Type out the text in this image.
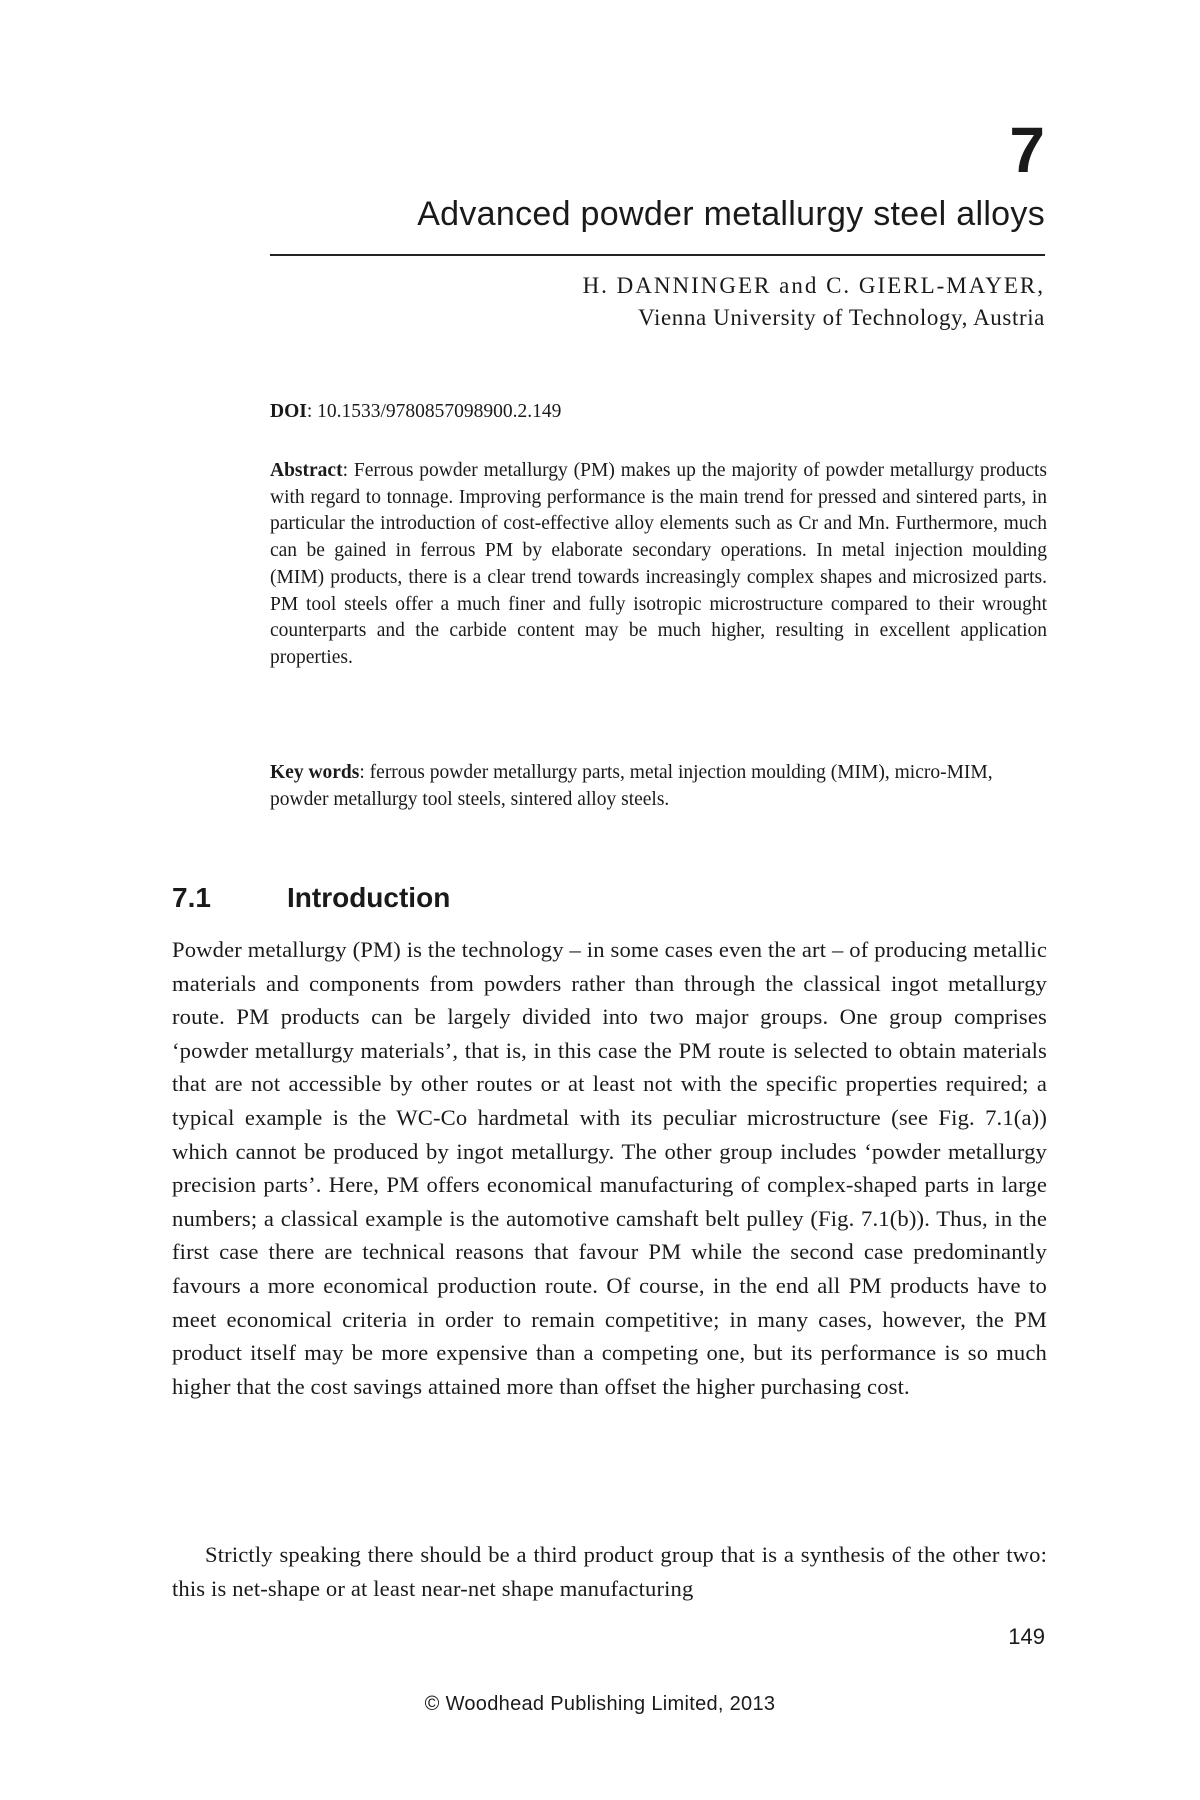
7
Advanced powder metallurgy steel alloys
H. DANNINGER and C. GIERL-MAYER,
Vienna University of Technology, Austria
DOI: 10.1533/9780857098900.2.149

Abstract: Ferrous powder metallurgy (PM) makes up the majority of powder metallurgy products with regard to tonnage. Improving performance is the main trend for pressed and sintered parts, in particular the introduction of cost-effective alloy elements such as Cr and Mn. Furthermore, much can be gained in ferrous PM by elaborate secondary operations. In metal injection moulding (MIM) products, there is a clear trend towards increasingly complex shapes and microsized parts. PM tool steels offer a much finer and fully isotropic microstructure compared to their wrought counterparts and the carbide content may be much higher, resulting in excellent application properties.

Key words: ferrous powder metallurgy parts, metal injection moulding (MIM), micro-MIM, powder metallurgy tool steels, sintered alloy steels.

7.1	Introduction

Powder metallurgy (PM) is the technology – in some cases even the art – of producing metallic materials and components from powders rather than through the classical ingot metallurgy route. PM products can be largely divided into two major groups. One group comprises ‘powder metallurgy materials’, that is, in this case the PM route is selected to obtain materials that are not accessible by other routes or at least not with the specific properties required; a typical example is the WC-Co hardmetal with its peculiar microstructure (see Fig. 7.1(a)) which cannot be produced by ingot metallurgy. The other group includes ‘powder metallurgy precision parts’. Here, PM offers economical manufacturing of complex-shaped parts in large numbers; a classical example is the automotive camshaft belt pulley (Fig. 7.1(b)). Thus, in the first case there are technical reasons that favour PM while the second case predominantly favours a more economical production route. Of course, in the end all PM products have to meet economical criteria in order to remain competitive; in many cases, however, the PM product itself may be more expensive than a competing one, but its performance is so much higher that the cost savings attained more than offset the higher purchasing cost.

Strictly speaking there should be a third product group that is a synthesis of the other two: this is net-shape or at least near-net shape manufacturing

149
© Woodhead Publishing Limited, 2013
